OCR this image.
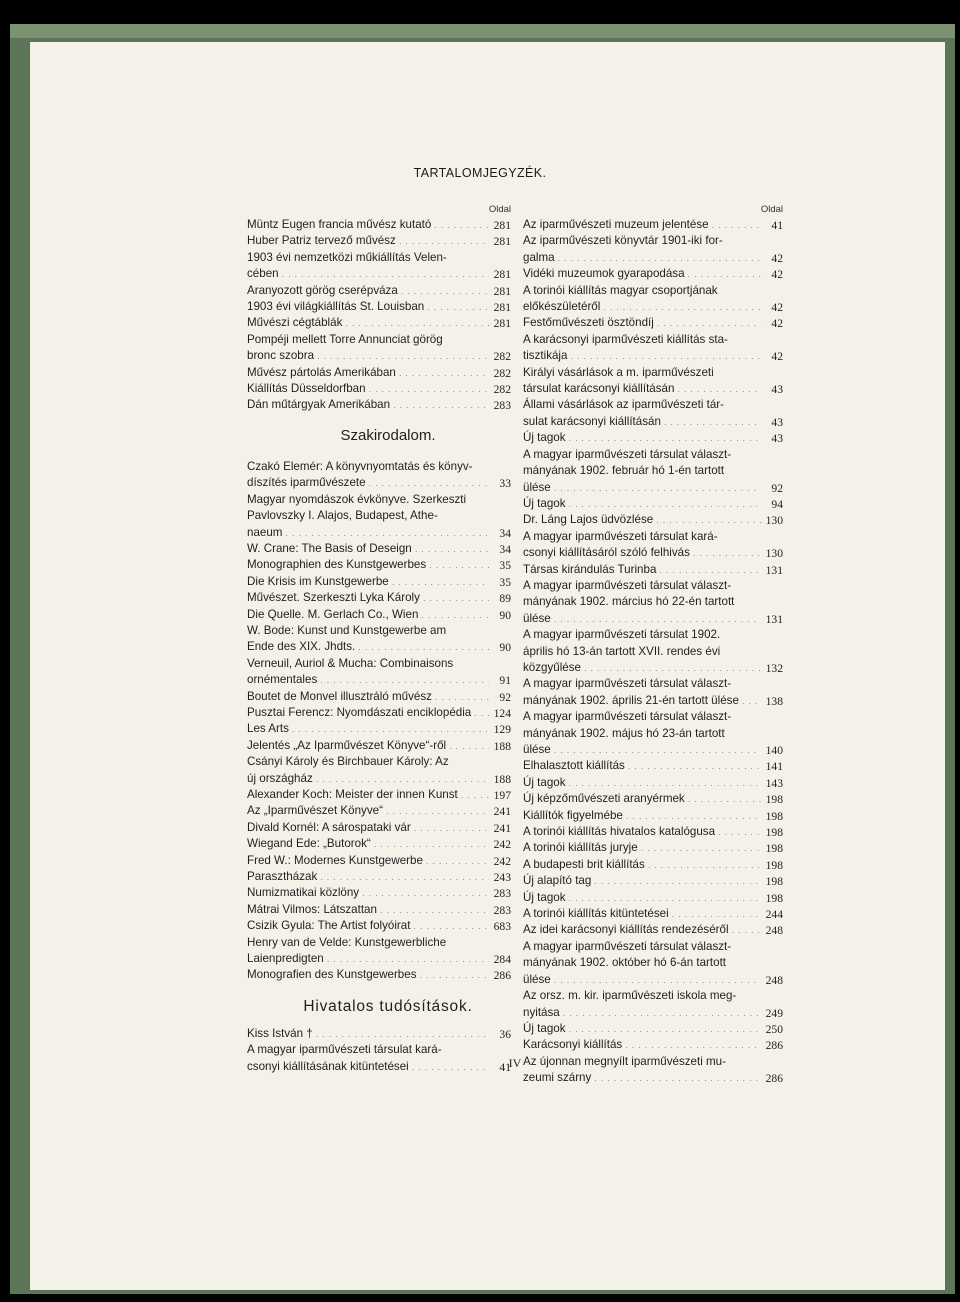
TARTALOMJEGYZÉK.
Oldal
Müntz Eugen francia művész kutató . . .	281
Huber Patriz tervező művész . . .	281
1903 évi nemzetközi műkiállítás Velen-
cében . . .	281
Aranyozott görög cserépváza . . .	281
1903 évi világkiállítás St. Louisban . . .	281
Művészi cégtáblák . . .	281
Pompéji mellett Torre Annunciat görög
bronc szobra . . .	282
Művész pártolás Amerikában . . .	282
Kiállítás Düsseldorfban . . .	282
Dán műtárgyak Amerikában . . .	283
Szakirodalom.
Czakó Elemér: A könyvnyomtatás és könyv-
díszítés iparművészete . . .	33
Magyar nyomdászok évkönyve. Szerkeszti
Pavlovszky I. Alajos, Budapest, Athe-
naeum . . .	34
W. Crane: The Basis of Deseign . . .	34
Monographien des Kunstgewerbes . . .	35
Die Krisis im Kunstgewerbe . . .	35
Művészet. Szerkeszti Lyka Károly . . .	89
Die Quelle. M. Gerlach Co., Wien . . .	90
W. Bode: Kunst und Kunstgewerbe am
Ende des XIX. Jhdts. . . .	90
Verneuil, Auriol & Mucha: Combinaisons
ornémentales . . .	91
Boutet de Monvel illusztráló művész . . .	92
Pusztai Ferencz: Nyomdászati enciklopédia . . .	124
Les Arts . . .	129
Jelentés „Az Iparművészet Könyve“-ről . . .	188
Csányi Károly és Birchbauer Károly: Az
új országház . . .	188
Alexander Koch: Meister der innen Kunst . . .	197
Az „Iparművészet Könyve“ . . .	241
Divald Kornél: A sárospataki vár . . .	241
Wiegand Ede: „Butorok“ . . .	242
Fred W.: Modernes Kunstgewerbe . . .	242
Parasztházak . . .	243
Numizmatikai közlöny . . .	283
Mátrai Vilmos: Látszattan . . .	283
Csizik Gyula: The Artist folyóirat . . .	683
Henry van de Velde: Kunstgewerbliche
Laienpredigten . . .	284
Monografien des Kunstgewerbes . . .	286
Hivatalos tudósítások.
Kiss István † . . .	36
A magyar iparművészeti társulat kará-
csonyi kiállításának kitüntetései . . .	41
Oldal
Az iparművészeti muzeum jelentése . . .	41
Az iparművészeti könyvtár 1901-iki for-
galma . . .	42
Vidéki muzeumok gyarapodása . . .	42
A torinói kiállítás magyar csoportjának
előkészületéről . . .	42
Festőművészeti ösztöndíj . . .	42
A karácsonyi iparművészeti kiállítás sta-
tisztikája . . .	42
Királyi vásárlások a m. iparművészeti
társulat karácsonyi kiállításán . . .	43
Állami vásárlások az iparművészeti tár-
sulat karácsonyi kiállításán . . .	43
Új tagok . . .	43
A magyar iparművészeti társulat választ-
mányának 1902. február hó 1-én tartott
ülése . . .	92
Új tagok . . .	94
Dr. Láng Lajos üdvözlése . . .	130
A magyar iparművészeti társulat kará-
csonyi kiállításáról szóló felhivás . . .	130
Társas kirándulás Turinba . . .	131
A magyar iparművészeti társulat választ-
mányának 1902. március hó 22-én tartott
ülése . . .	131
A magyar iparművészeti társulat 1902.
április hó 13-án tartott XVII. rendes évi
közgyűlése . . .	132
A magyar iparművészeti társulat választ-
mányának 1902. április 21-én tartott ülése . . .	138
A magyar iparművészeti társulat választ-
mányának 1902. május hó 23-án tartott
ülése . . .	140
Elhalasztott kiállítás . . .	141
Új tagok . . .	143
Új képzőművészeti aranyérmek . . .	198
Kiállítók figyelmébe . . .	198
A torinói kiállítás hivatalos katalógusa . . .	198
A torinói kiállítás juryje . . .	198
A budapesti brit kiállítás . . .	198
Új alapító tag . . .	198
Új tagok . . .	198
A torinói kiállítás kitüntetései . . .	244
Az idei karácsonyi kiállítás rendezéséről . . .	248
A magyar iparművészeti társulat választ-
mányának 1902. október hó 6-án tartott
ülése . . .	248
Az orsz. m. kir. iparművészeti iskola meg-
nyitása . . .	249
Új tagok . . .	250
Karácsonyi kiállítás . . .	286
Az újonnan megnyílt iparművészeti mu-
zeumi szárny . . .	286
IV
